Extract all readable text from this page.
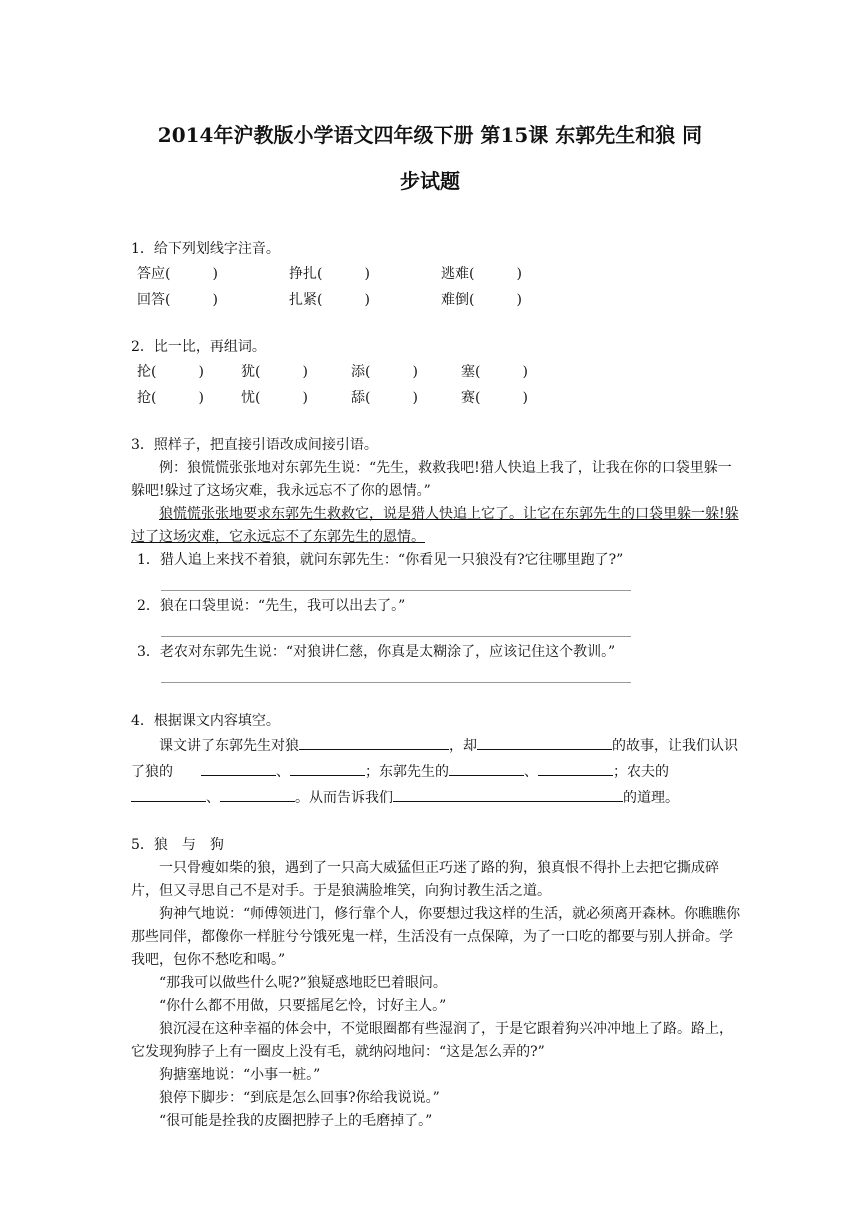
2014年沪教版小学语文四年级下册 第15课 东郭先生和狼 同
步试题

1．给下列划线字注音。

答应(　　　)	挣扎(　　　)	逃难(　　　)
回答(　　　)	扎紧(　　　)	难倒(　　　)

2．比一比，再组词。

抡(　　　)	犹(　　　)	添(　　　)	塞(　　　)
抢(　　　)	忧(　　　)	舔(　　　)	赛(　　　)

3．照样子，把直接引语改成间接引语。

例：狼慌慌张张地对东郭先生说：“先生，救救我吧!猎人快追上我了，让我在你的口袋里躲一躲吧!躲过了这场灾难，我永远忘不了你的恩情。”

狼慌慌张张地要求东郭先生救救它，说是猎人快追上它了。让它在东郭先生的口袋里躲一躲!躲过了这场灾难，它永远忘不了东郭先生的恩情。

1．猎人追上来找不着狼，就问东郭先生：“你看见一只狼没有?它往哪里跑了?”

2．狼在口袋里说：“先生，我可以出去了。”

3．老农对东郭先生说：“对狼讲仁慈，你真是太糊涂了，应该记住这个教训。”

4．根据课文内容填空。

课文讲了东郭先生对狼	，却	的故事，让我们认识了狼的　　	、	；东郭先生的	、	；农夫的、	。从而告诉我们	的道理。

5．狼　与　狗

一只骨瘦如柴的狼，遇到了一只高大威猛但正巧迷了路的狗，狼真恨不得扑上去把它撕成碎片，但又寻思自己不是对手。于是狼满脸堆笑，向狗讨教生活之道。

狗神气地说：“师傅领进门，修行靠个人，你要想过我这样的生活，就必须离开森林。你瞧瞧你那些同伴，都像你一样脏兮兮饿死鬼一样，生活没有一点保障，为了一口吃的都要与别人拼命。学我吧，包你不愁吃和喝。”

“那我可以做些什么呢?”狼疑惑地眨巴着眼问。

“你什么都不用做，只要摇尾乞怜，讨好主人。”

狼沉浸在这种幸福的体会中，不觉眼圈都有些湿润了，于是它跟着狗兴冲冲地上了路。路上，它发现狗脖子上有一圈皮上没有毛，就纳闷地问：“这是怎么弄的?”

狗搪塞地说：“小事一桩。”

狼停下脚步：“到底是怎么回事?你给我说说。”

“很可能是拴我的皮圈把脖子上的毛磨掉了。”
